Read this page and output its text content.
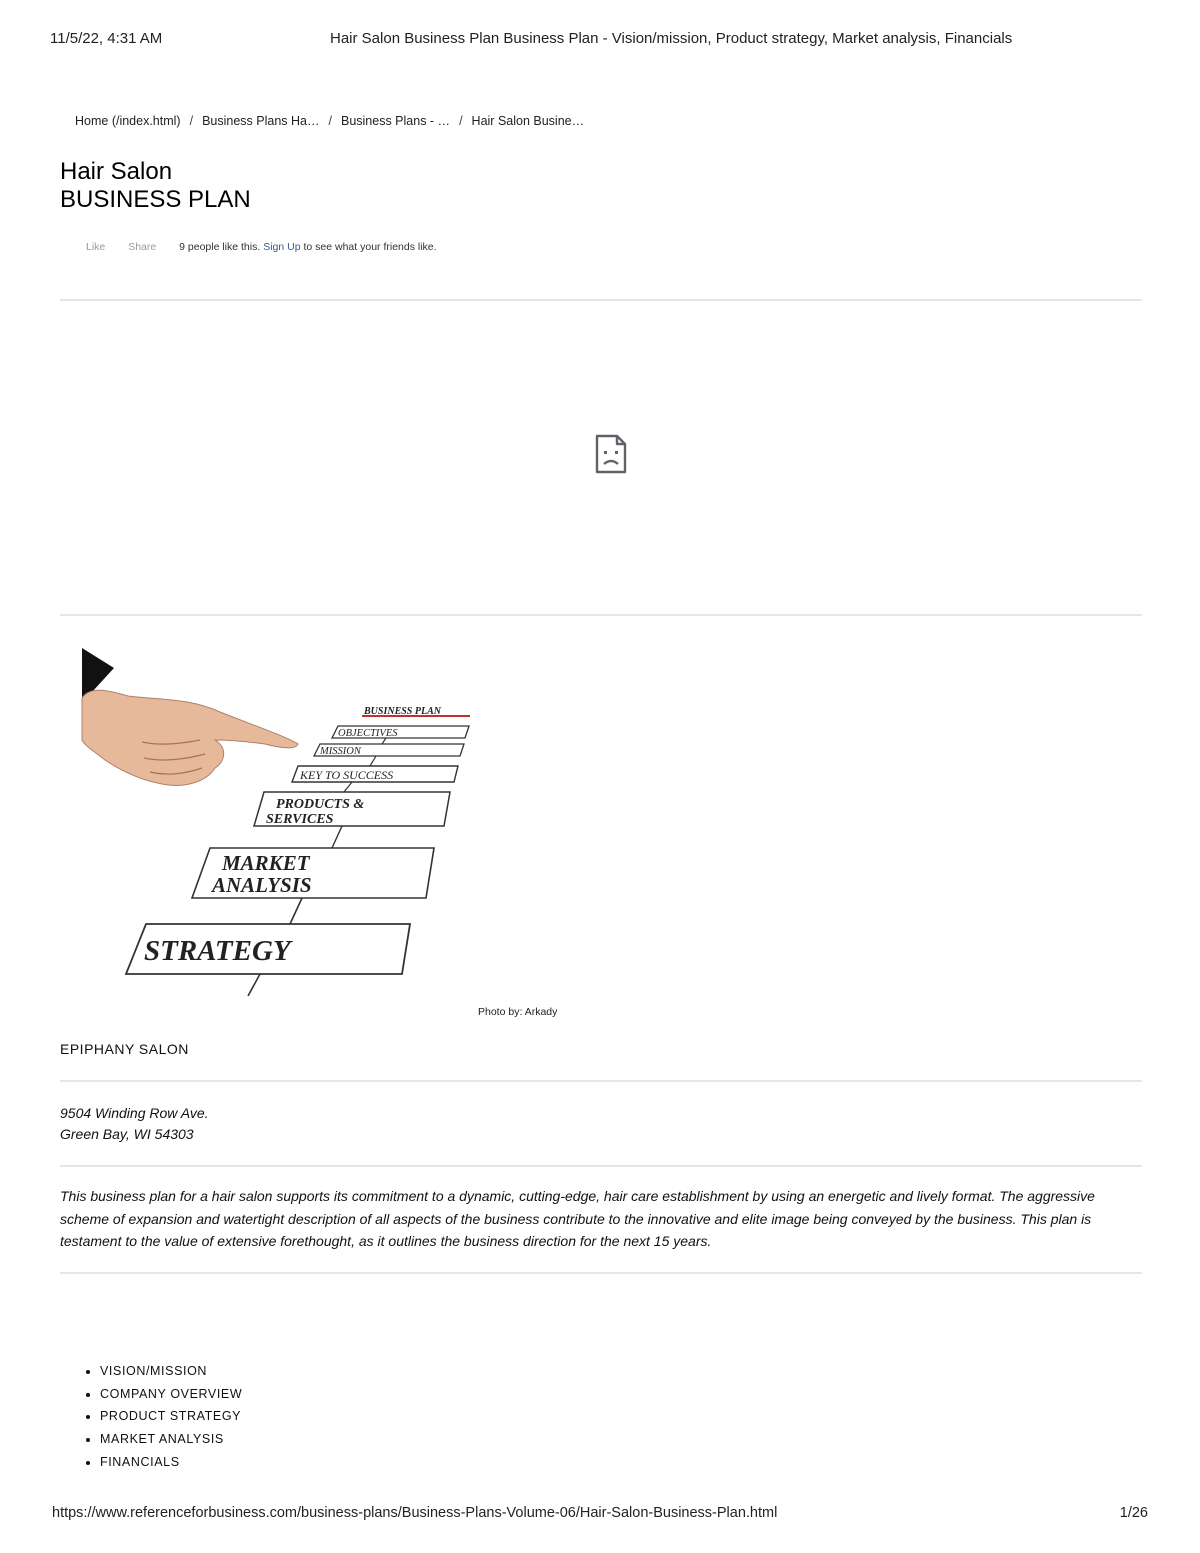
11/5/22, 4:31 AM	Hair Salon Business Plan Business Plan - Vision/mission, Product strategy, Market analysis, Financials
Home (/index.html) / Business Plans Ha… / Business Plans - … / Hair Salon Busine…
Hair Salon
BUSINESS PLAN
Like Share 9 people like this. Sign Up to see what your friends like.
BUSINESS PLAN
OBJECTIVES
MISSION
KEY TO SUCCESS
PRODUCTS &
SERVICES
MARKET
ANALYSIS
STRATEGY
Photo by: Arkady
EPIPHANY SALON
9504 Winding Row Ave.
Green Bay, WI 54303

This business plan for a hair salon supports its commitment to a dynamic, cutting-edge, hair care establishment by using an energetic and lively format. The aggressive scheme of expansion and watertight description of all aspects of the business contribute to the innovative and elite image being conveyed by the business. This plan is testament to the value of extensive forethought, as it outlines the business direction for the next 15 years.

• VISION/MISSION
• COMPANY OVERVIEW
• PRODUCT STRATEGY
• MARKET ANALYSIS
• FINANCIALS
https://www.referenceforbusiness.com/business-plans/Business-Plans-Volume-06/Hair-Salon-Business-Plan.html	1/26
